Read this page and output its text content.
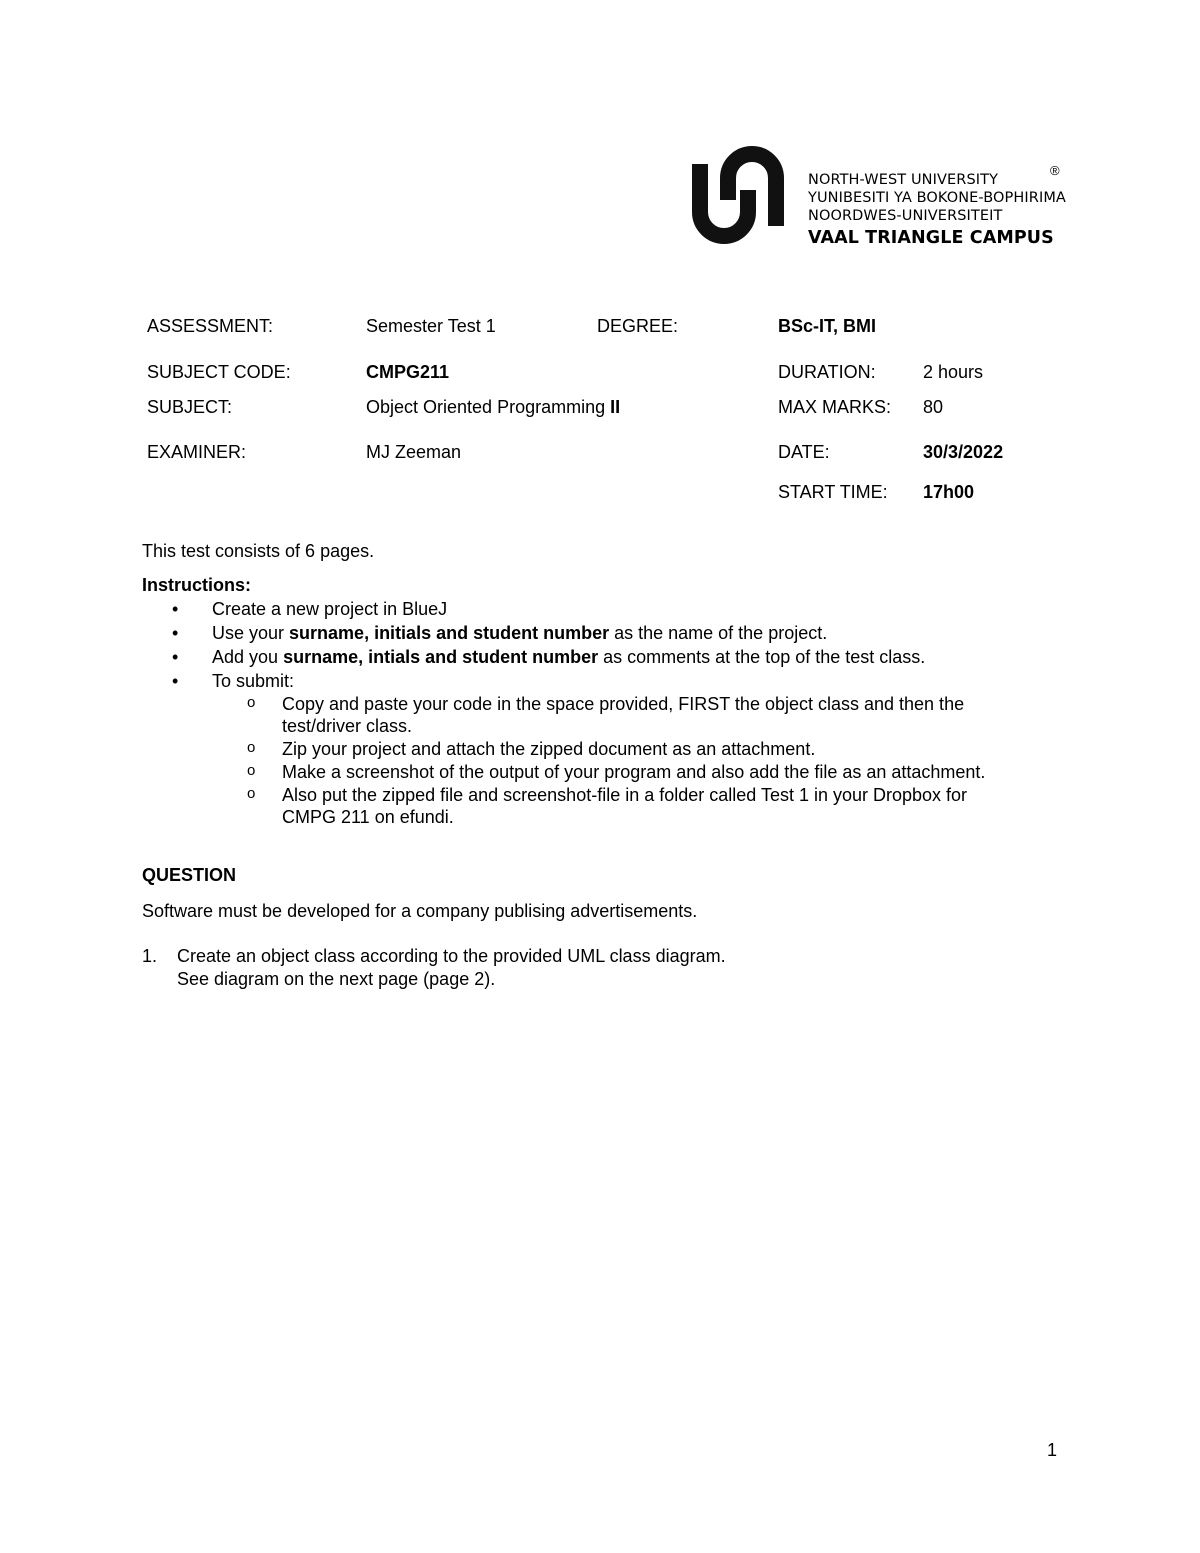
NORTH-WEST UNIVERSITY
YUNIBESITI YA BOKONE-BOPHIRIMA
NOORDWES-UNIVERSITEIT
VAAL TRIANGLE CAMPUS
®
ASSESSMENT:	Semester Test 1	DEGREE:	BSc-IT, BMI
SUBJECT CODE:	CMPG211	DURATION:	2 hours
SUBJECT:	Object Oriented Programming II	MAX MARKS: 80
EXAMINER:	MJ Zeeman	DATE:	30/3/2022
START TIME: 17h00
This test consists of 6 pages.
Instructions:
•	Create a new project in BlueJ
•	Use your surname, initials and student number as the name of the project.
•	Add you surname, intials and student number as comments at the top of the test class.
•	To submit:
o Copy and paste your code in the space provided, FIRST the object class and then the
test/driver class.
o Zip your project and attach the zipped document as an attachment.
o Make a screenshot of the output of your program and also add the file as an attachment.
o Also put the zipped file and screenshot-file in a folder called Test 1 in your Dropbox for
CMPG 211 on efundi.
QUESTION
Software must be developed for a company publising advertisements.
1. Create an object class according to the provided UML class diagram.
See diagram on the next page (page 2).
1
